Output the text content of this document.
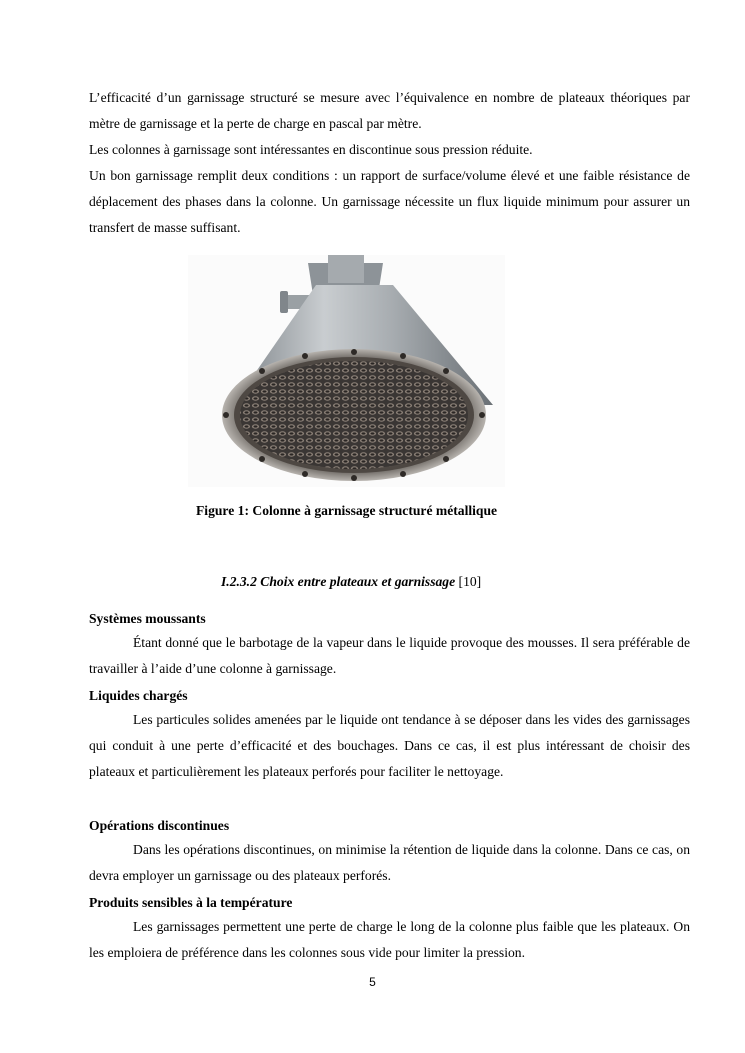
L’efficacité d’un garnissage structuré se mesure avec l’équivalence en nombre de plateaux théoriques par mètre de garnissage et la perte de charge en pascal par mètre.

Les colonnes à garnissage sont intéressantes en discontinue sous pression réduite.

Un bon garnissage remplit deux conditions : un rapport de surface/volume élevé et une faible résistance de déplacement des phases dans la colonne. Un garnissage nécessite un flux liquide minimum pour assurer un transfert de masse suffisant.

Figure 1: Colonne à garnissage structuré métallique

I.2.3.2 Choix entre plateaux et garnissage [10]

Systèmes moussants

Étant donné que le barbotage de la vapeur dans le liquide provoque des mousses. Il sera préférable de travailler à l’aide d’une colonne à garnissage.

Liquides chargés

Les particules solides amenées par le liquide ont tendance à se déposer dans les vides des garnissages qui conduit à une perte d’efficacité et des bouchages. Dans ce cas, il est plus intéressant de choisir des plateaux et particulièrement les plateaux perforés pour faciliter le nettoyage.

Opérations discontinues

Dans les opérations discontinues, on minimise la rétention de liquide dans la colonne. Dans ce cas, on devra employer un garnissage ou des plateaux perforés.

Produits sensibles à la température

Les garnissages permettent une perte de charge le long de la colonne plus faible que les plateaux. On les emploiera de préférence dans les colonnes sous vide pour limiter la pression.

5
